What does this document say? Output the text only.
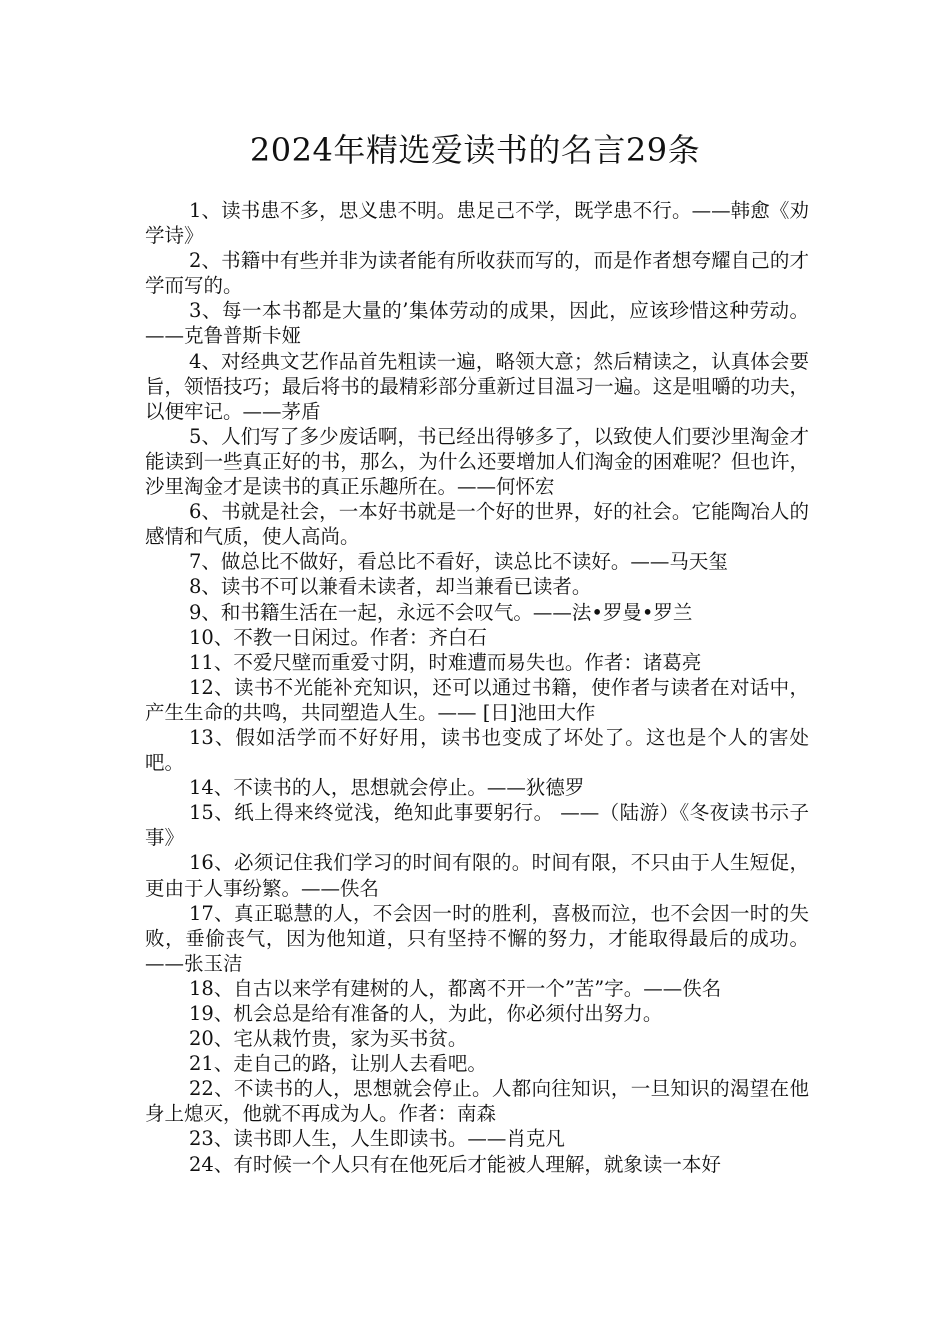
2024年精选爱读书的名言29条

1、读书患不多，思义患不明。患足己不学，既学患不行。——韩愈《劝学诗》

2、书籍中有些并非为读者能有所收获而写的，而是作者想夸耀自己的才学而写的。

3、每一本书都是大量的’集体劳动的成果，因此，应该珍惜这种劳动。——克鲁普斯卡娅

4、对经典文艺作品首先粗读一遍，略领大意；然后精读之，认真体会要旨，领悟技巧；最后将书的最精彩部分重新过目温习一遍。这是咀嚼的功夫，以便牢记。——茅盾

5、人们写了多少废话啊，书已经出得够多了，以致使人们要沙里淘金才能读到一些真正好的书，那么，为什么还要增加人们淘金的困难呢？但也许，沙里淘金才是读书的真正乐趣所在。——何怀宏

6、书就是社会，一本好书就是一个好的世界，好的社会。它能陶冶人的感情和气质，使人高尚。

7、做总比不做好，看总比不看好，读总比不读好。——马天玺

8、读书不可以兼看未读者，却当兼看已读者。

9、和书籍生活在一起，永远不会叹气。——法•罗曼•罗兰

10、不教一日闲过。作者：齐白石

11、不爱尺壁而重爱寸阴，时难遭而易失也。作者：诸葛亮

12、读书不光能补充知识，还可以通过书籍，使作者与读者在对话中，产生生命的共鸣，共同塑造人生。—— [日]池田大作

13、假如活学而不好好用，读书也变成了坏处了。这也是个人的害处吧。

14、不读书的人，思想就会停止。——狄德罗

15、纸上得来终觉浅，绝知此事要躬行。 ——（陆游）《冬夜读书示子事》

16、必须记住我们学习的时间有限的。时间有限，不只由于人生短促，更由于人事纷繁。——佚名

17、真正聪慧的人，不会因一时的胜利，喜极而泣，也不会因一时的失败，垂偷丧气，因为他知道，只有坚持不懈的努力，才能取得最后的成功。——张玉洁

18、自古以来学有建树的人，都离不开一个”苦”字。——佚名

19、机会总是给有准备的人，为此，你必须付出努力。

20、宅从栽竹贵，家为买书贫。

21、走自己的路，让别人去看吧。

22、不读书的人，思想就会停止。人都向往知识，一旦知识的渴望在他身上熄灭，他就不再成为人。作者：南森

23、读书即人生，人生即读书。——肖克凡

24、有时候一个人只有在他死后才能被人理解，就象读一本好
